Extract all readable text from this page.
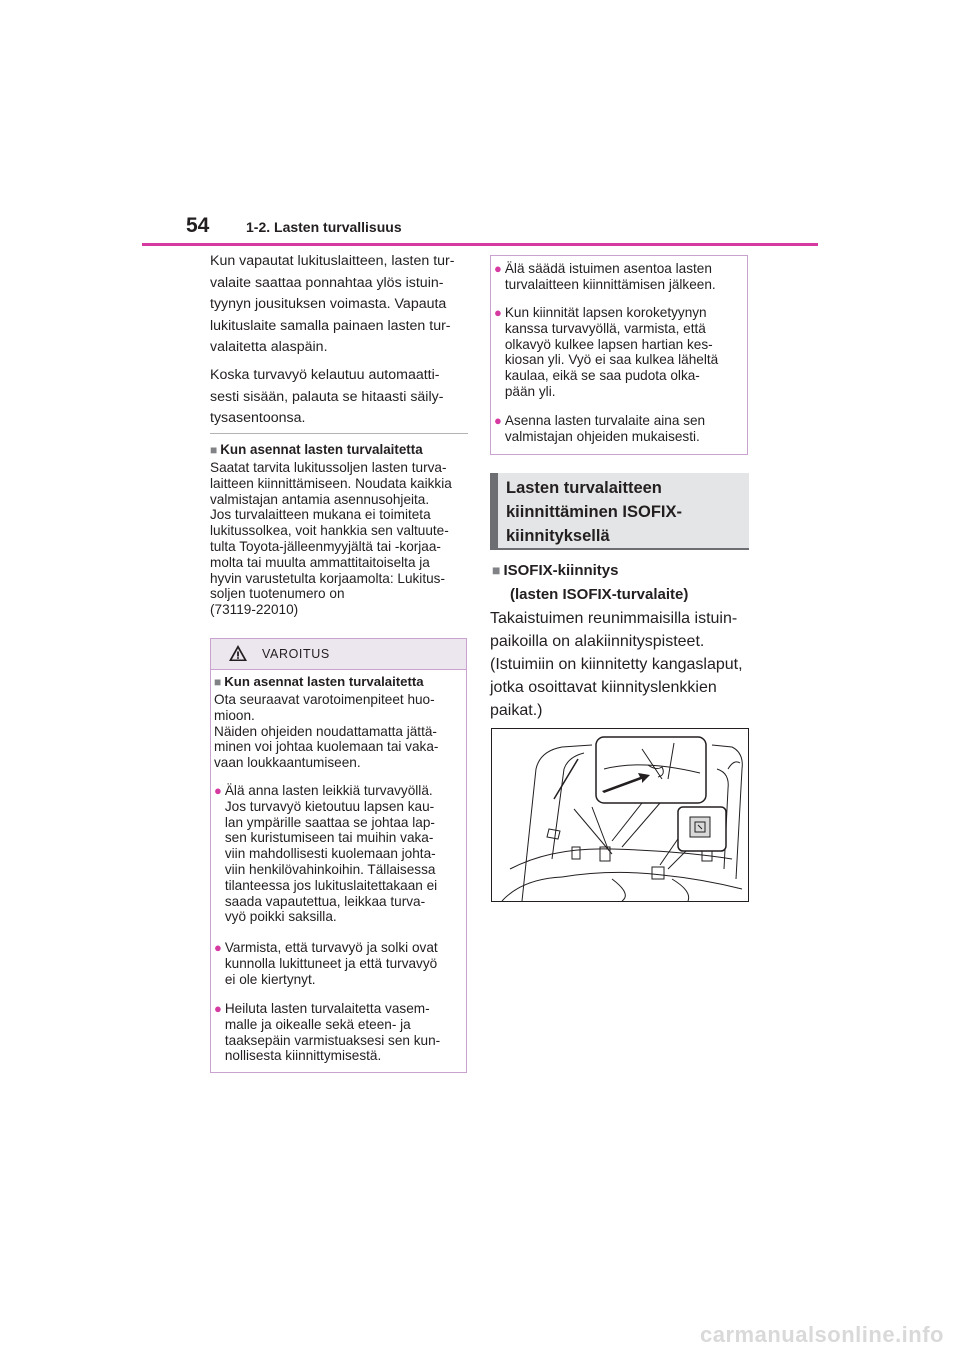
54	1-2. Lasten turvallisuus
Kun vapautat lukituslaitteen, lasten tur-
valaite saattaa ponnahtaa ylös istuin-
tyynyn jousituksen voimasta. Vapauta
lukituslaite samalla painaen lasten tur-
valaitetta alaspäin.
Koska turvavyö kelautuu automaatti-
sesti sisään, palauta se hitaasti säily-
tysasentoonsa.
■ Kun asennat lasten turvalaitetta
Saatat tarvita lukitussoljen lasten turva-
laitteen kiinnittämiseen. Noudata kaikkia
valmistajan antamia asennusohjeita.
Jos turvalaitteen mukana ei toimiteta
lukitussolkea, voit hankkia sen valtuute-
tulta Toyota-jälleenmyyjältä tai -korjaa-
molta tai muulta ammattitaitoiselta ja
hyvin varustetulta korjaamolta: Lukitus-
soljen tuotenumero on
(73119-22010)
VAROITUS
■ Kun asennat lasten turvalaitetta
Ota seuraavat varotoimenpiteet huo-
mioon.
Näiden ohjeiden noudattamatta jättä-
minen voi johtaa kuolemaan tai vaka-
vaan loukkaantumiseen.
● Älä anna lasten leikkiä turvavyöllä.
Jos turvavyö kietoutuu lapsen kau-
lan ympärille saattaa se johtaa lap-
sen kuristumiseen tai muihin vaka-
viin mahdollisesti kuolemaan johta-
viin henkilövahinkoihin. Tällaisessa
tilanteessa jos lukituslaitettakaan ei
saada vapautettua, leikkaa turva-
vyö poikki saksilla.
● Varmista, että turvavyö ja solki ovat
kunnolla lukittuneet ja että turvavyö
ei ole kiertynyt.
● Heiluta lasten turvalaitetta vasem-
malle ja oikealle sekä eteen- ja
taaksepäin varmistuaksesi sen kun-
nollisesta kiinnittymisestä.
● Älä säädä istuimen asentoa lasten
turvalaitteen kiinnittämisen jälkeen.
● Kun kiinnität lapsen koroketyynyn
kanssa turvavyöllä, varmista, että
olkavyö kulkee lapsen hartian kes-
kiosan yli. Vyö ei saa kulkea läheltä
kaulaa, eikä se saa pudota olka-
pään yli.
● Asenna lasten turvalaite aina sen
valmistajan ohjeiden mukaisesti.
Lasten turvalaitteen
kiinnittäminen ISOFIX-
kiinnityksellä
■ ISOFIX-kiinnitys
(lasten ISOFIX-turvalaite)
Takaistuimen reunimmaisilla istuin-
paikoilla on alakiinnityspisteet.
(Istuimiin on kiinnitetty kangaslaput,
jotka osoittavat kiinnityslenkkien
paikat.)
carmanualsonline.info
